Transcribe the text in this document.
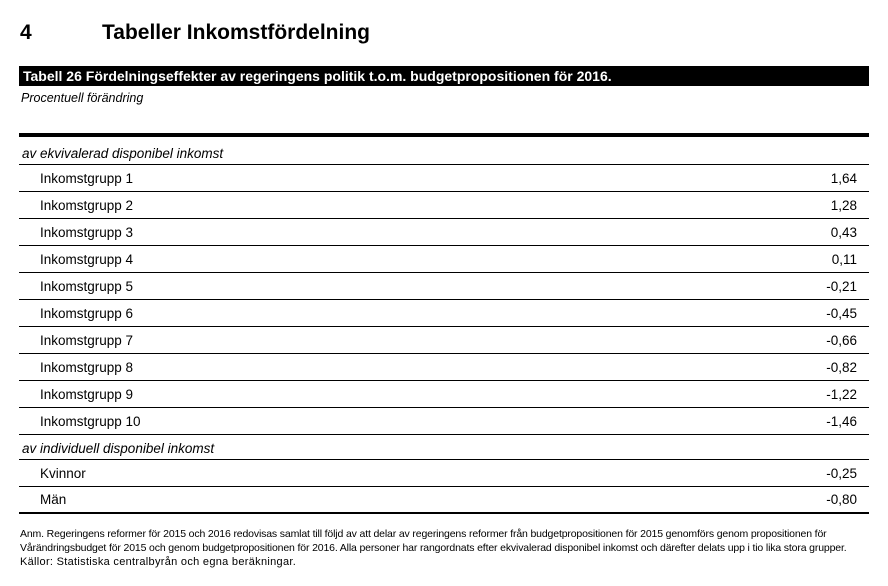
4	Tabeller Inkomstfördelning
Tabell 26 Fördelningseffekter av regeringens politik t.o.m. budgetpropositionen för 2016.
Procentuell förändring
av ekvivalerad disponibel inkomst
Inkomstgrupp 1	1,64
Inkomstgrupp 2	1,28
Inkomstgrupp 3	0,43
Inkomstgrupp 4	0,11
Inkomstgrupp 5	-0,21
Inkomstgrupp 6	-0,45
Inkomstgrupp 7	-0,66
Inkomstgrupp 8	-0,82
Inkomstgrupp 9	-1,22
Inkomstgrupp 10	-1,46
av individuell disponibel inkomst
Kvinnor	-0,25
Män	-0,80
Anm. Regeringens reformer för 2015 och 2016 redovisas samlat till följd av att delar av regeringens reformer från budgetpropositionen för 2015 genomförs genom propositionen för Vårändringsbudget för 2015 och genom budgetpropositionen för 2016. Alla personer har rangordnats efter ekvivalerad disponibel inkomst och därefter delats upp i tio lika stora grupper.
Källor: Statistiska centralbyrån och egna beräkningar.
